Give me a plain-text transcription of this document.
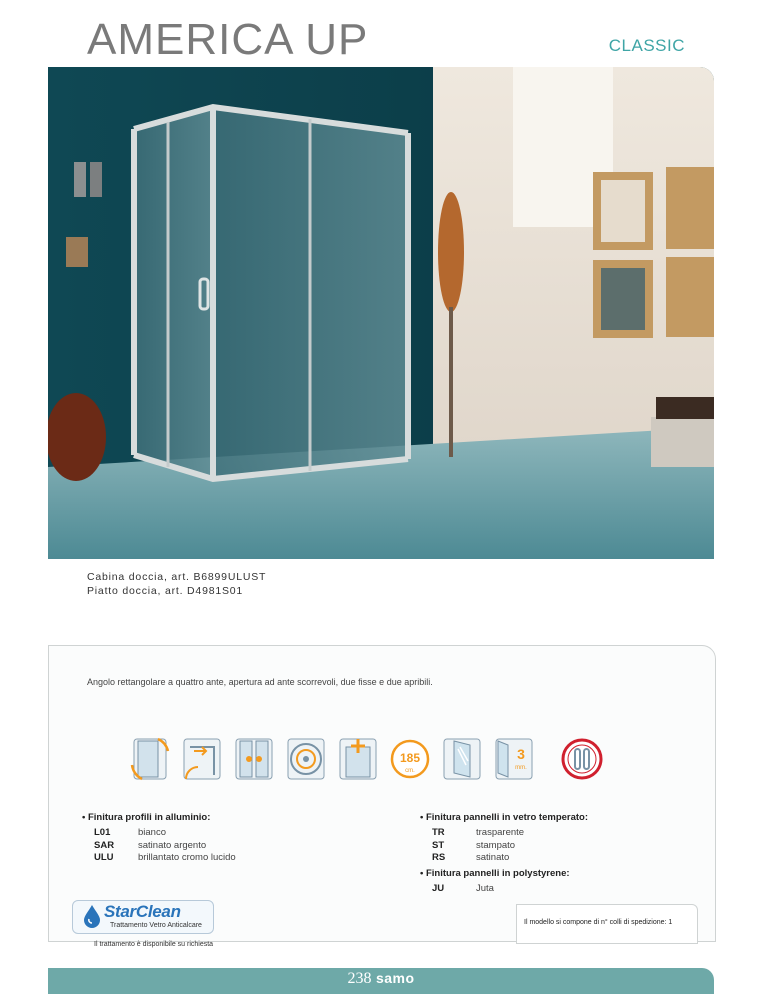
AMERICA UP	CLASSIC
Cabina doccia, art. B6899ULUST
Piatto doccia, art. D4981S01
Angolo rettangolare a quattro ante, apertura ad ante scorrevoli, due fisse e due apribili.
185
cm.
3
mm.
• Finitura profili in alluminio:
L01	bianco
SAR	satinato argento
ULU	brillantato cromo lucido
• Finitura pannelli in vetro temperato:
TR	trasparente
ST	stampato
RS	satinato
• Finitura pannelli in polystyrene:
JU	Juta
StarClean
Trattamento Vetro Anticalcare
Il trattamento è disponibile su richiesta
Il modello si compone di n° colli di spedizione: 1
238 samo
